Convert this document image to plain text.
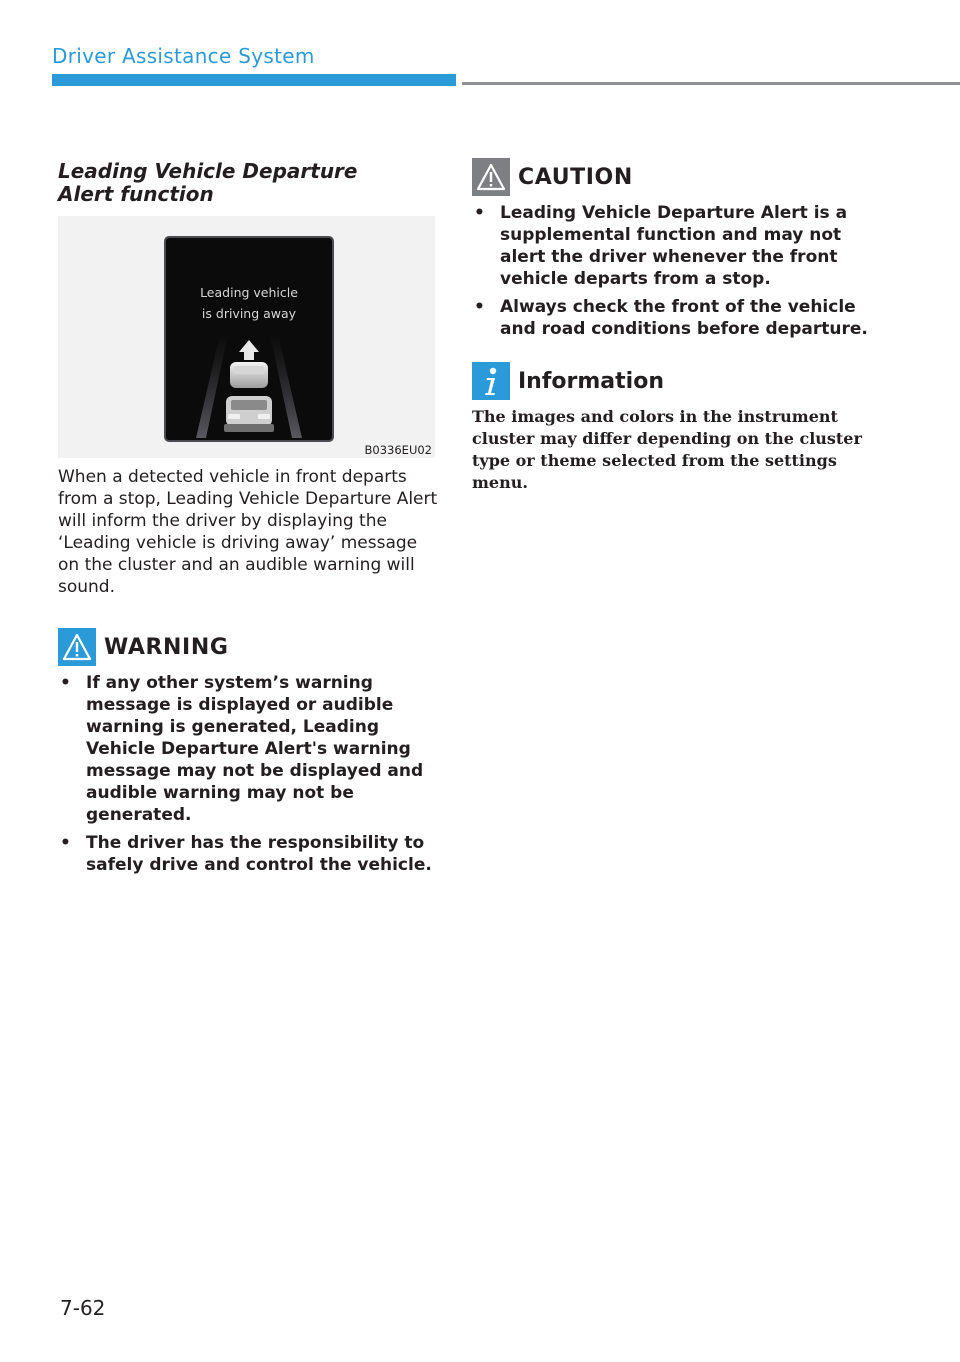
Driver Assistance System
Leading Vehicle Departure Alert function
Leading vehicle
is driving away
B0336EU02

When a detected vehicle in front departs from a stop, Leading Vehicle Departure Alert will inform the driver by displaying the ‘Leading vehicle is driving away’ message on the cluster and an audible warning will sound.

WARNING
• If any other system’s warning message is displayed or audible warning is generated, Leading Vehicle Departure Alert's warning message may not be displayed and audible warning may not be generated.
• The driver has the responsibility to safely drive and control the vehicle.
CAUTION
• Leading Vehicle Departure Alert is a supplemental function and may not alert the driver whenever the front vehicle departs from a stop.
• Always check the front of the vehicle and road conditions before departure.
Information
The images and colors in the instrument cluster may differ depending on the cluster type or theme selected from the settings menu.
7-62
